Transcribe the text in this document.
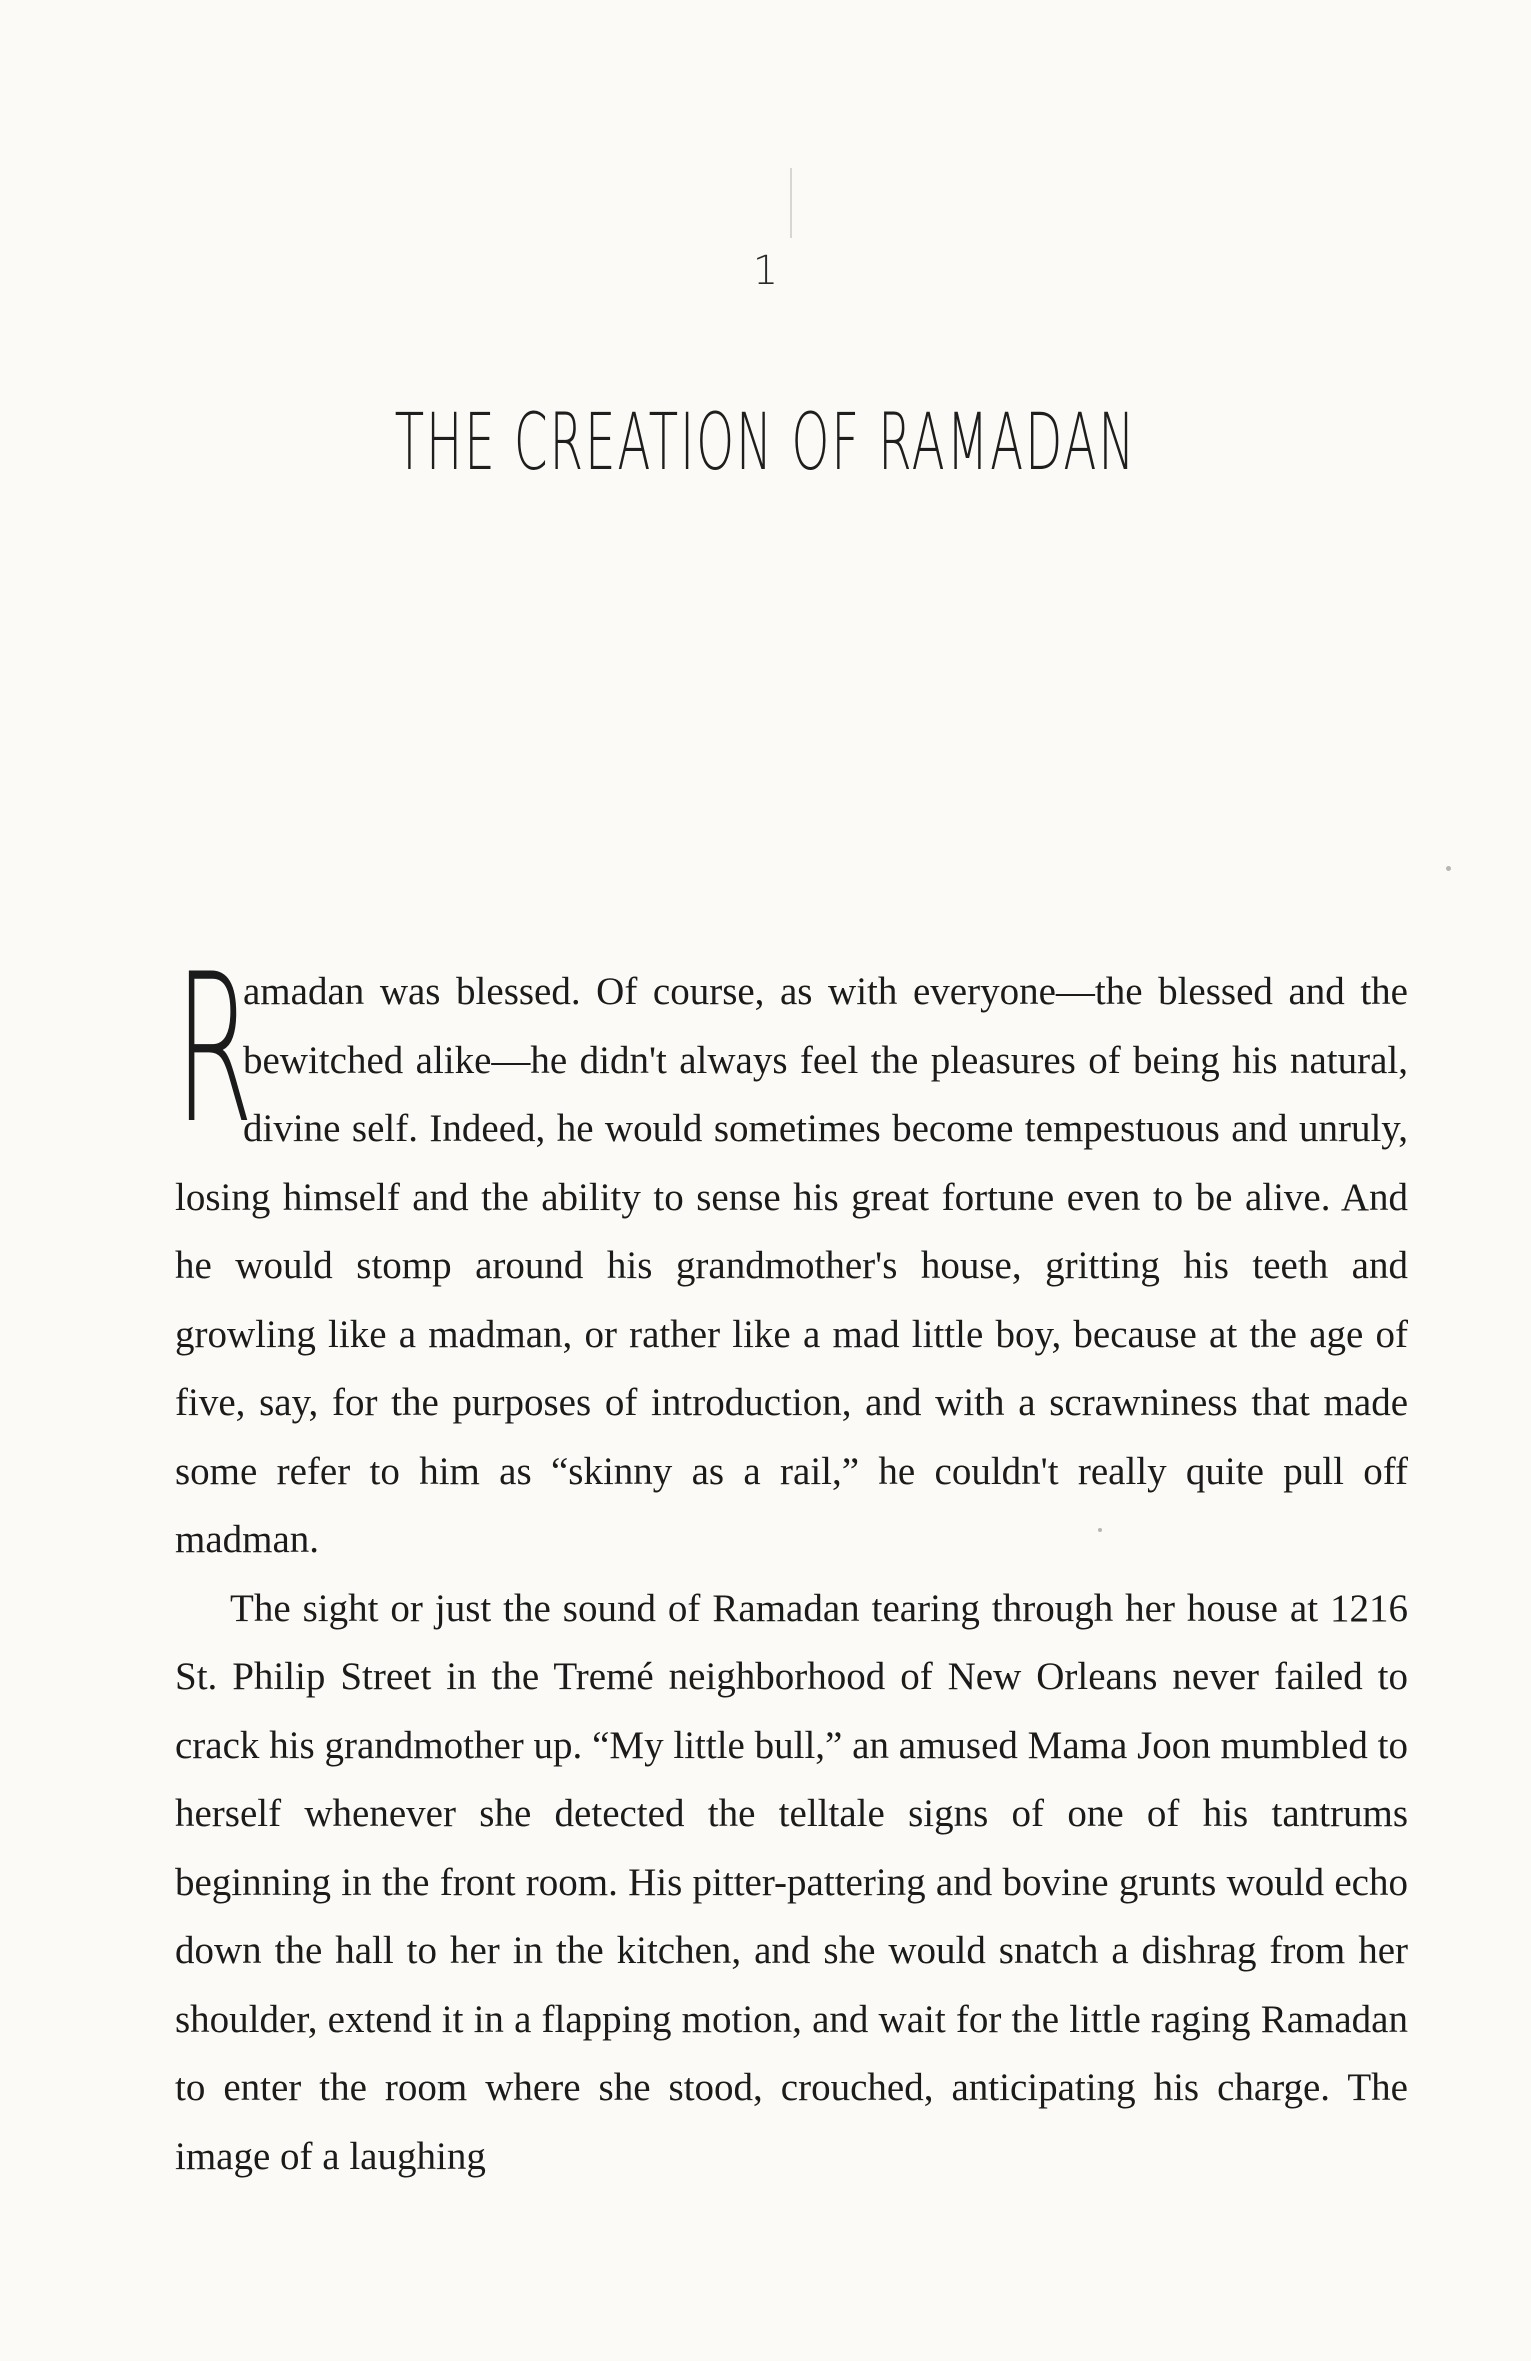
1
THE CREATION OF RAMADAN

R
amadan was blessed. Of course, as with everyone—the blessed and the bewitched alike—he didn't always feel the pleasures of being his natural, divine self. Indeed, he would sometimes become tempestuous and unruly, losing himself and the ability to sense his great fortune even to be alive. And he would stomp around his grandmother's house, gritting his teeth and growling like a madman, or rather like a mad little boy, because at the age of five, say, for the purposes of introduction, and with a scrawniness that made some refer to him as “skinny as a rail,” he couldn't really quite pull off madman.

The sight or just the sound of Ramadan tearing through her house at 1216 St. Philip Street in the Tremé neighborhood of New Orleans never failed to crack his grandmother up. “My little bull,” an amused Mama Joon mumbled to herself whenever she detected the telltale signs of one of his tantrums beginning in the front room. His pitter-pattering and bovine grunts would echo down the hall to her in the kitchen, and she would snatch a dishrag from her shoulder, extend it in a flapping motion, and wait for the little raging Ramadan to enter the room where she stood, crouched, anticipating his charge. The image of a laughing
